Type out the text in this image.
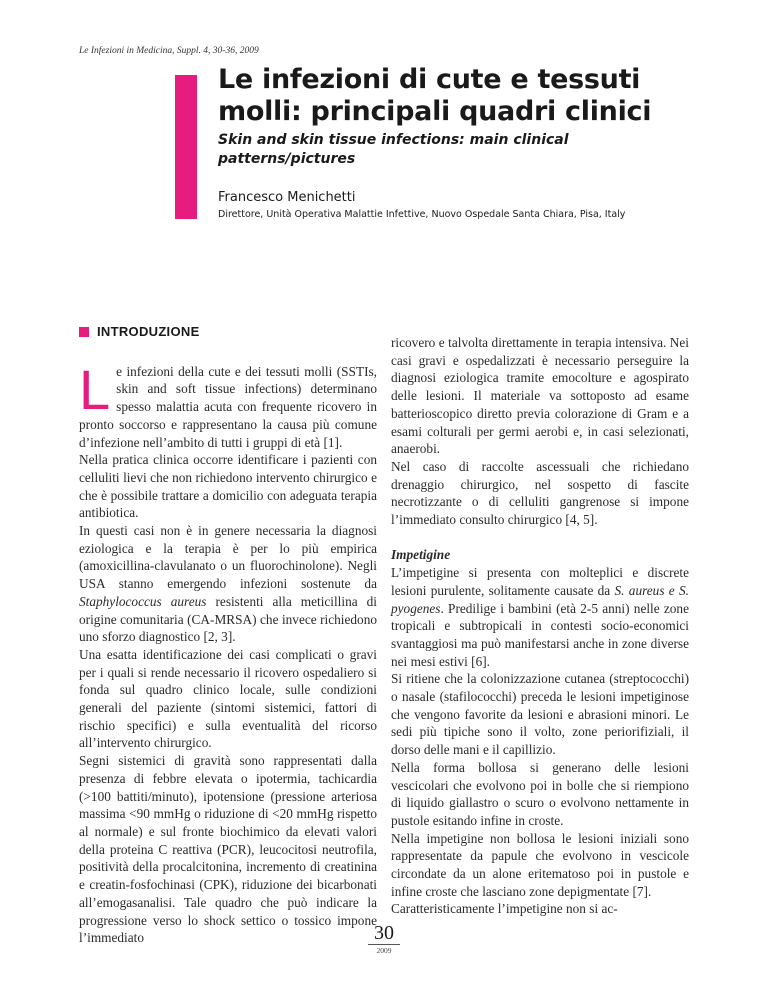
Le Infezioni in Medicina, Suppl. 4, 30-36, 2009
Le infezioni di cute e tessuti
molli: principali quadri clinici
Skin and skin tissue infections: main clinical
patterns/pictures
Francesco Menichetti
Direttore, Unità Operativa Malattie Infettive, Nuovo Ospedale Santa Chiara, Pisa, Italy
INTRODUZIONE

Le infezioni della cute e dei tessuti molli (SSTIs, skin and soft tissue infections) determinano spesso malattia acuta con frequente ricovero in pronto soccorso e rappresentano la causa più comune d’infezione nell’ambito di tutti i gruppi di età [1].

Nella pratica clinica occorre identificare i pazienti con celluliti lievi che non richiedono intervento chirurgico e che è possibile trattare a domicilio con adeguata terapia antibiotica.

In questi casi non è in genere necessaria la diagnosi eziologica e la terapia è per lo più empirica (amoxicillina-clavulanato o un fluorochinolone). Negli USA stanno emergendo infezioni sostenute da Staphylococcus aureus resistenti alla meticillina di origine comunitaria (CA-MRSA) che invece richiedono uno sforzo diagnostico [2, 3].

Una esatta identificazione dei casi complicati o gravi per i quali si rende necessario il ricovero ospedaliero si fonda sul quadro clinico locale, sulle condizioni generali del paziente (sintomi sistemici, fattori di rischio specifici) e sulla eventualità del ricorso all’intervento chirurgico.

Segni sistemici di gravità sono rappresentati dalla presenza di febbre elevata o ipotermia, tachicardia (>100 battiti/minuto), ipotensione (pressione arteriosa massima <90 mmHg o riduzione di <20 mmHg rispetto al normale) e sul fronte biochimico da elevati valori della proteina C reattiva (PCR), leucocitosi neutrofila, positività della procalcitonina, incremento di creatinina e creatin-fosfochinasi (CPK), riduzione dei bicarbonati all’emogasanalisi. Tale quadro che può indicare la progressione verso lo shock settico o tossico impone l’immediato

ricovero e talvolta direttamente in terapia intensiva. Nei casi gravi e ospedalizzati è necessario perseguire la diagnosi eziologica tramite emocolture e agospirato delle lesioni. Il materiale va sottoposto ad esame batterioscopico diretto previa colorazione di Gram e a esami colturali per germi aerobi e, in casi selezionati, anaerobi.

Nel caso di raccolte ascessuali che richiedano drenaggio chirurgico, nel sospetto di fascite necrotizzante o di celluliti gangrenose si impone l’immediato consulto chirurgico [4, 5].

Impetigine

L’impetigine si presenta con molteplici e discrete lesioni purulente, solitamente causate da S. aureus e S. pyogenes. Predilige i bambini (età 2-5 anni) nelle zone tropicali e subtropicali in contesti socio-economici svantaggiosi ma può manifestarsi anche in zone diverse nei mesi estivi [6].

Si ritiene che la colonizzazione cutanea (streptococchi) o nasale (stafilococchi) preceda le lesioni impetiginose che vengono favorite da lesioni e abrasioni minori. Le sedi più tipiche sono il volto, zone periorifiziali, il dorso delle mani e il capillizio.

Nella forma bollosa si generano delle lesioni vescicolari che evolvono poi in bolle che si riempiono di liquido giallastro o scuro o evolvono nettamente in pustole esitando infine in croste.

Nella impetigine non bollosa le lesioni iniziali sono rappresentate da papule che evolvono in vescicole circondate da un alone eritematoso poi in pustole e infine croste che lasciano zone depigmentate [7].

Caratteristicamente l’impetigine non si ac-

30
2009
